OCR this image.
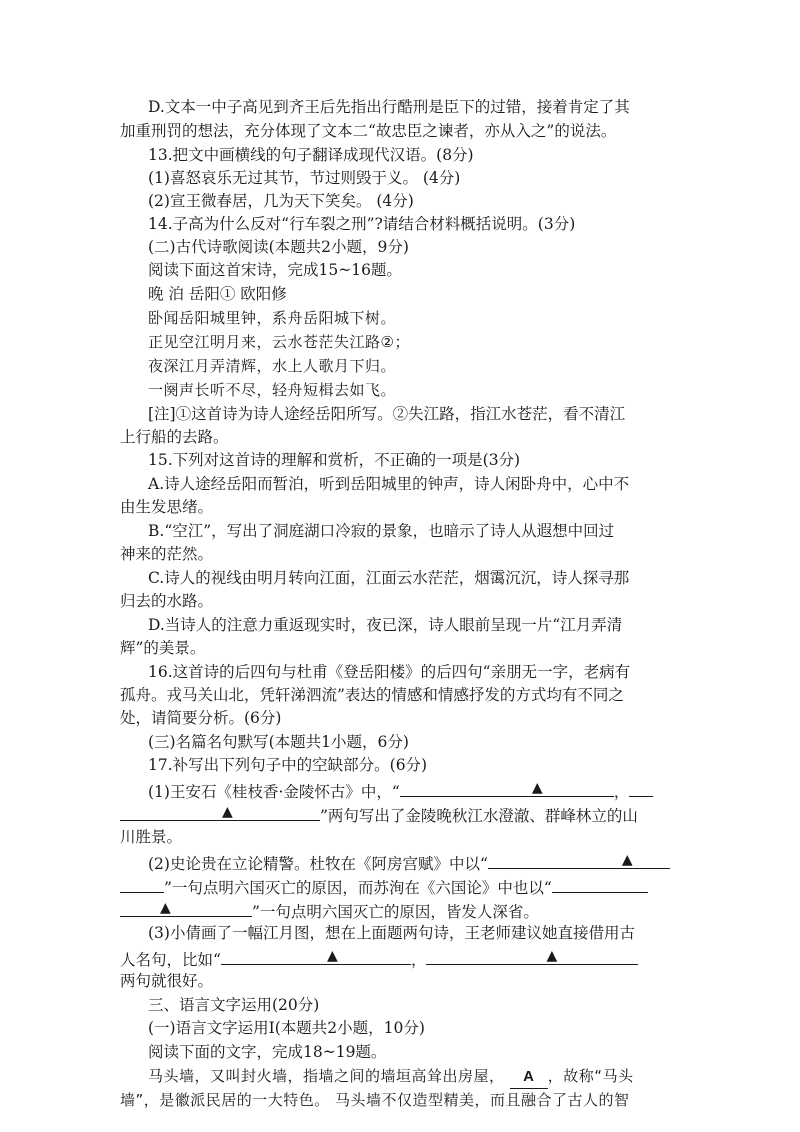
D.文本一中子高见到齐王后先指出行酷刑是臣下的过错，接着肯定了其
加重刑罚的想法，充分体现了文本二“故忠臣之谏者，亦从入之”的说法。
13.把文中画横线的句子翻译成现代汉语。(8分)
(1)喜怒哀乐无过其节，节过则毁于义。 (4分)
(2)宣王微春居，几为天下笑矣。 (4分)
14.子高为什么反对“行车裂之刑”?请结合材料概括说明。(3分)
(二)古代诗歌阅读(本题共2小题，9分)
阅读下面这首宋诗，完成15~16题。
晚 泊 岳阳① 欧阳修
卧闻岳阳城里钟，系舟岳阳城下树。
正见空江明月来，云水苍茫失江路②；
夜深江月弄清辉，水上人歌月下归。
一阕声长听不尽，轻舟短楫去如飞。
[注]①这首诗为诗人途经岳阳所写。②失江路，指江水苍茫，看不清江
上行船的去路。
15.下列对这首诗的理解和赏析，不正确的一项是(3分)
A.诗人途经岳阳而暂泊，听到岳阳城里的钟声，诗人闲卧舟中，心中不
由生发思绪。
B.“空江”，写出了洞庭湖口冷寂的景象，也暗示了诗人从遐想中回过
神来的茫然。
C.诗人的视线由明月转向江面，江面云水茫茫，烟霭沉沉，诗人探寻那
归去的水路。
D.当诗人的注意力重返现实时，夜已深，诗人眼前呈现一片“江月弄清
辉”的美景。
16.这首诗的后四句与杜甫《登岳阳楼》的后四句“亲朋无一字，老病有
孤舟。戎马关山北，凭轩涕泗流”表达的情感和情感抒发的方式均有不同之
处，请简要分析。(6分)
(三)名篇名句默写(本题共1小题，6分)
17.补写出下列句子中的空缺部分。(6分)
(1)王安石《桂枝香·金陵怀古》中，“	▲	，
▲	”两句写出了金陵晚秋江水澄澈、群峰林立的山
川胜景。
(2)史论贵在立论精警。杜牧在《阿房宫赋》中以“	▲
”一句点明六国灭亡的原因，而苏洵在《六国论》中也以“
▲	”一句点明六国灭亡的原因，皆发人深省。
(3)小倩画了一幅江月图，想在上面题两句诗，王老师建议她直接借用古
人名句，比如“	▲	，	▲
两句就很好。
三、语言文字运用(20分)
(一)语言文字运用Ⅰ(本题共2小题，10分)
阅读下面的文字，完成18~19题。
马头墙，又叫封火墙，指墙之间的墙垣高耸出房屋， A ，故称“马头
墙”，是徽派民居的一大特色。 马头墙不仅造型精美，而且融合了古人的智
